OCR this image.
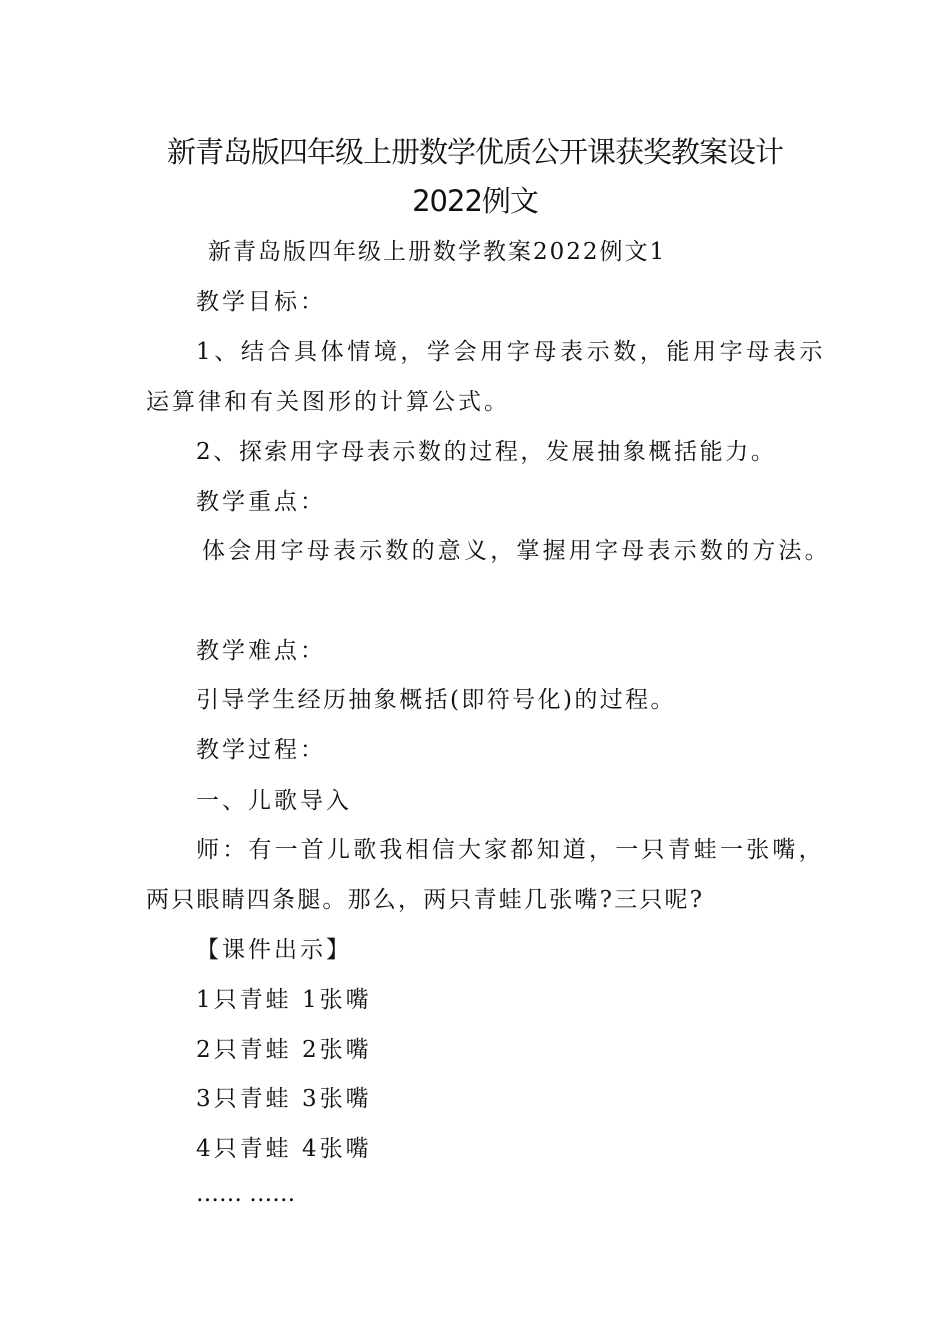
新青岛版四年级上册数学优质公开课获奖教案设计
2022例文
新青岛版四年级上册数学教案2022例文1
教学目标：
1、结合具体情境，学会用字母表示数，能用字母表示
运算律和有关图形的计算公式。
2、探索用字母表示数的过程，发展抽象概括能力。
教学重点：
体会用字母表示数的意义，掌握用字母表示数的方法。
教学难点：
引导学生经历抽象概括(即符号化)的过程。
教学过程：
一、儿歌导入
师：有一首儿歌我相信大家都知道，一只青蛙一张嘴，
两只眼睛四条腿。那么，两只青蛙几张嘴?三只呢?
【课件出示】
1只青蛙 1张嘴
2只青蛙 2张嘴
3只青蛙 3张嘴
4只青蛙 4张嘴
…… ……
